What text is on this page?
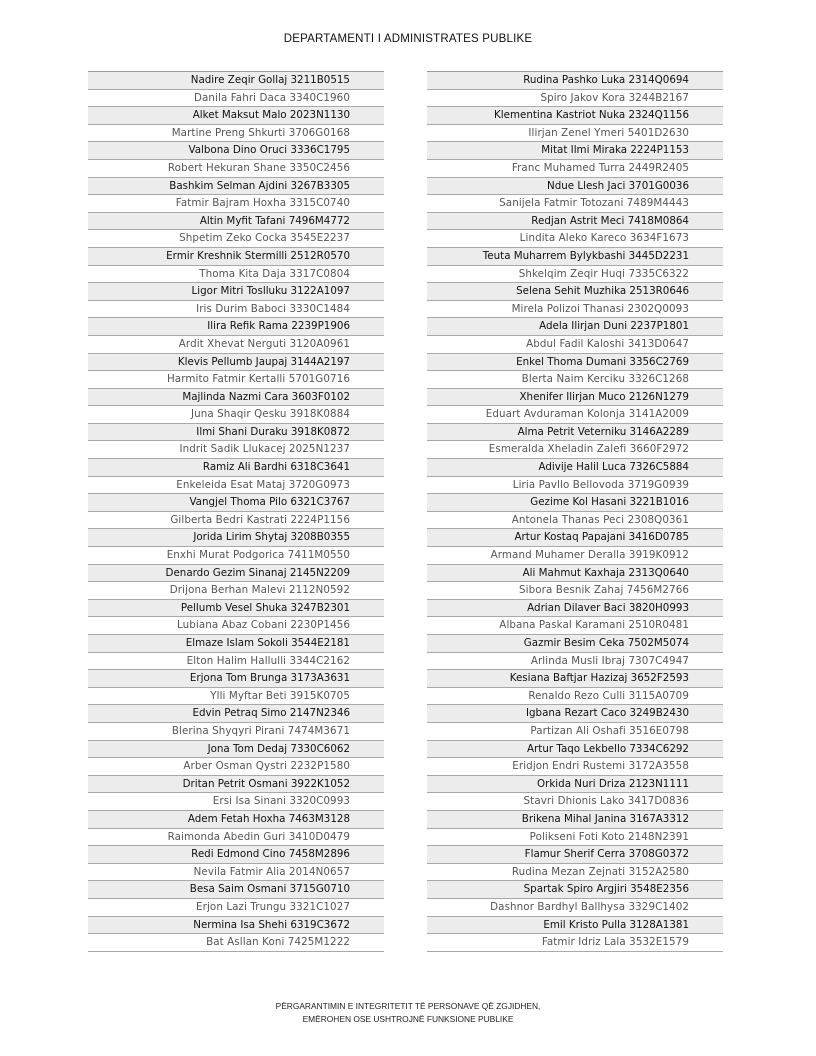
DEPARTAMENTI I ADMINISTRATES PUBLIKE
Nadire Zeqir Gollaj 3211B0515
Danila Fahri Daca 3340C1960
Alket Maksut Malo 2023N1130
Martine Preng Shkurti 3706G0168
Valbona Dino Oruci 3336C1795
Robert Hekuran Shane 3350C2456
Bashkim Selman Ajdini 3267B3305
Fatmir Bajram Hoxha 3315C0740
Altin Myfit Tafani 7496M4772
Shpetim Zeko Cocka 3545E2237
Ermir Kreshnik Stermilli 2512R0570
Thoma Kita Daja 3317C0804
Ligor Mitri Toslluku 3122A1097
Iris Durim Baboci 3330C1484
Ilira Refik Rama 2239P1906
Ardit Xhevat Nerguti 3120A0961
Klevis Pellumb Jaupaj 3144A2197
Harmito Fatmir Kertalli 5701G0716
Majlinda Nazmi Cara 3603F0102
Juna Shaqir Qesku 3918K0884
Ilmi Shani Duraku 3918K0872
Indrit Sadik Llukacej 2025N1237
Ramiz Ali Bardhi 6318C3641
Enkeleida Esat Mataj 3720G0973
Vangjel Thoma Pilo 6321C3767
Gilberta Bedri Kastrati 2224P1156
Jorida Lirim Shytaj 3208B0355
Enxhi Murat Podgorica 7411M0550
Denardo Gezim Sinanaj 2145N2209
Drijona Berhan Malevi 2112N0592
Pellumb Vesel Shuka 3247B2301
Lubiana Abaz Cobani 2230P1456
Elmaze Islam Sokoli 3544E2181
Elton Halim Hallulli 3344C2162
Erjona Tom Brunga 3173A3631
Ylli Myftar Beti 3915K0705
Edvin Petraq Simo 2147N2346
Blerina Shyqyri Pirani 7474M3671
Jona Tom Dedaj 7330C6062
Arber Osman Qystri 2232P1580
Dritan Petrit Osmani 3922K1052
Ersi Isa Sinani 3320C0993
Adem Fetah Hoxha 7463M3128
Raimonda Abedin Guri 3410D0479
Redi Edmond Cino 7458M2896
Nevila Fatmir Alia 2014N0657
Besa Saim Osmani 3715G0710
Erjon Lazi Trungu 3321C1027
Nermina Isa Shehi 6319C3672
Bat Asllan Koni 7425M1222
Rudina Pashko Luka 2314Q0694
Spiro Jakov Kora 3244B2167
Klementina Kastriot Nuka 2324Q1156
Ilirjan Zenel Ymeri 5401D2630
Mitat Ilmi Miraka 2224P1153
Franc Muhamed Turra 2449R2405
Ndue Llesh Jaci 3701G0036
Sanijela Fatmir Totozani 7489M4443
Redjan Astrit Meci 7418M0864
Lindita Aleko Kareco 3634F1673
Teuta Muharrem Bylykbashi 3445D2231
Shkelqim Zeqir Huqi 7335C6322
Selena Sehit Muzhika 2513R0646
Mirela Polizoi Thanasi 2302Q0093
Adela Ilirjan Duni 2237P1801
Abdul Fadil Kaloshi 3413D0647
Enkel Thoma Dumani 3356C2769
Blerta Naim Kerciku 3326C1268
Xhenifer Ilirjan Muco 2126N1279
Eduart Avduraman Kolonja 3141A2009
Alma Petrit Veterniku 3146A2289
Esmeralda Xheladin Zalefi 3660F2972
Adivije Halil Luca 7326C5884
Liria Pavllo Bellovoda 3719G0939
Gezime Kol Hasani 3221B1016
Antonela Thanas Peci 2308Q0361
Artur Kostaq Papajani 3416D0785
Armand Muhamer Deralla 3919K0912
Ali Mahmut Kaxhaja 2313Q0640
Sibora Besnik Zahaj 7456M2766
Adrian Dilaver Baci 3820H0993
Albana Paskal Karamani 2510R0481
Gazmir Besim Ceka 7502M5074
Arlinda Musli Ibraj 7307C4947
Kesiana Baftjar Hazizaj 3652F2593
Renaldo Rezo Culli 3115A0709
Igbana Rezart Caco 3249B2430
Partizan Ali Oshafi 3516E0798
Artur Taqo Lekbello 7334C6292
Eridjon Endri Rustemi 3172A3558
Orkida Nuri Driza 2123N1111
Stavri Dhionis Lako 3417D0836
Brikena Mihal Janina 3167A3312
Polikseni Foti Koto 2148N2391
Flamur Sherif Cerra 3708G0372
Rudina Mezan Zejnati 3152A2580
Spartak Spiro Argjiri 3548E2356
Dashnor Bardhyl Ballhysa 3329C1402
Emil Kristo Pulla 3128A1381
Fatmir Idriz Lala 3532E1579
PËRGARANTIMIN E INTEGRITETIT TË PERSONAVE QË ZGJIDHEN,
EMËROHEN OSE USHTROJNË FUNKSIONE PUBLIKE
